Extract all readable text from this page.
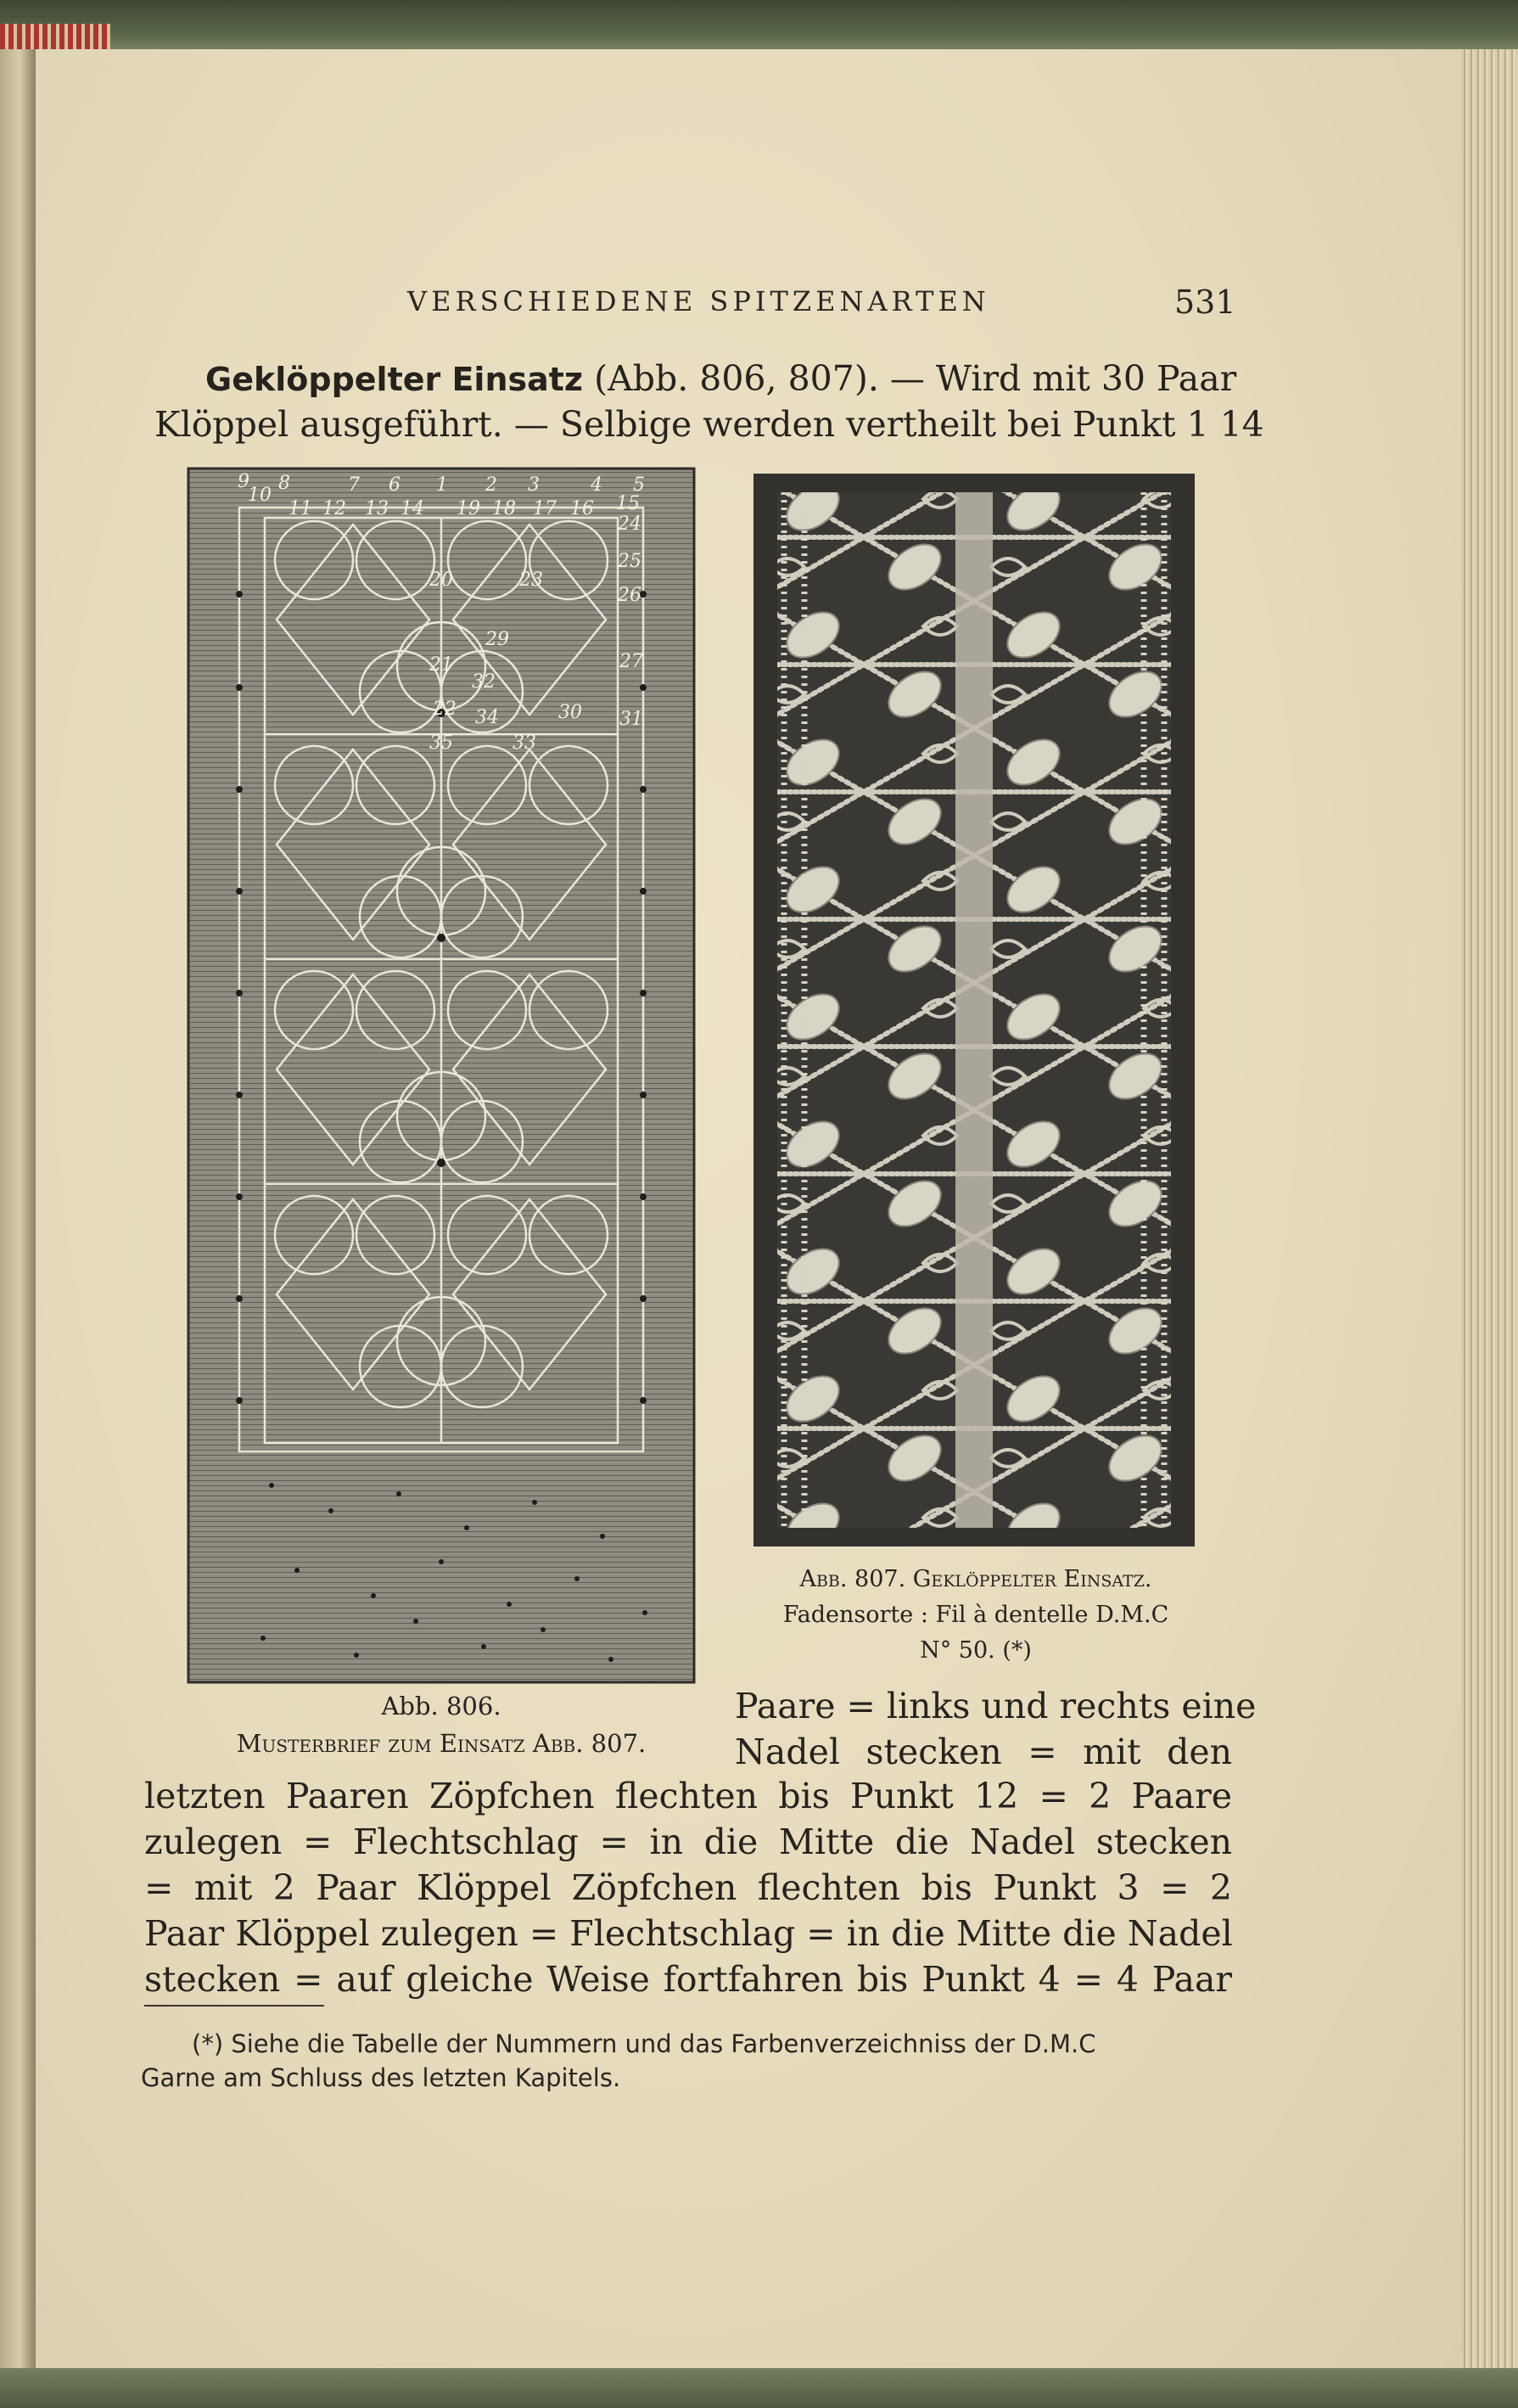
VERSCHIEDENE SPITZENARTEN	531
Geklöppelter Einsatz (Abb. 806, 807). — Wird mit 30 Paar
Klöppel ausgeführt. — Selbige werden vertheilt bei Punkt 1 14
9
10
8	7 6 1 2 3	4 5
11 12 13 14 19 18 17 16 15
20
21
22
23
24
25
26
27
29
30 31
32
33
34
35
Abb. 807. Geklöppelter Einsatz.
Fadensorte : Fil à dentelle D.M.C
N° 50. (*)
Abb. 806.
Musterbrief zum Einsatz Abb. 807.
Paare = links und rechts eine
Nadel stecken = mit den
letzten Paaren Zöpfchen flechten bis Punkt 12 = 2 Paare
zulegen = Flechtschlag = in die Mitte die Nadel stecken
= mit 2 Paar Klöppel Zöpfchen flechten bis Punkt 3 = 2
Paar Klöppel zulegen = Flechtschlag = in die Mitte die Nadel
stecken = auf gleiche Weise fortfahren bis Punkt 4 = 4 Paar
(*) Siehe die Tabelle der Nummern und das Farbenverzeichniss der D.M.C
Garne am Schluss des letzten Kapitels.
